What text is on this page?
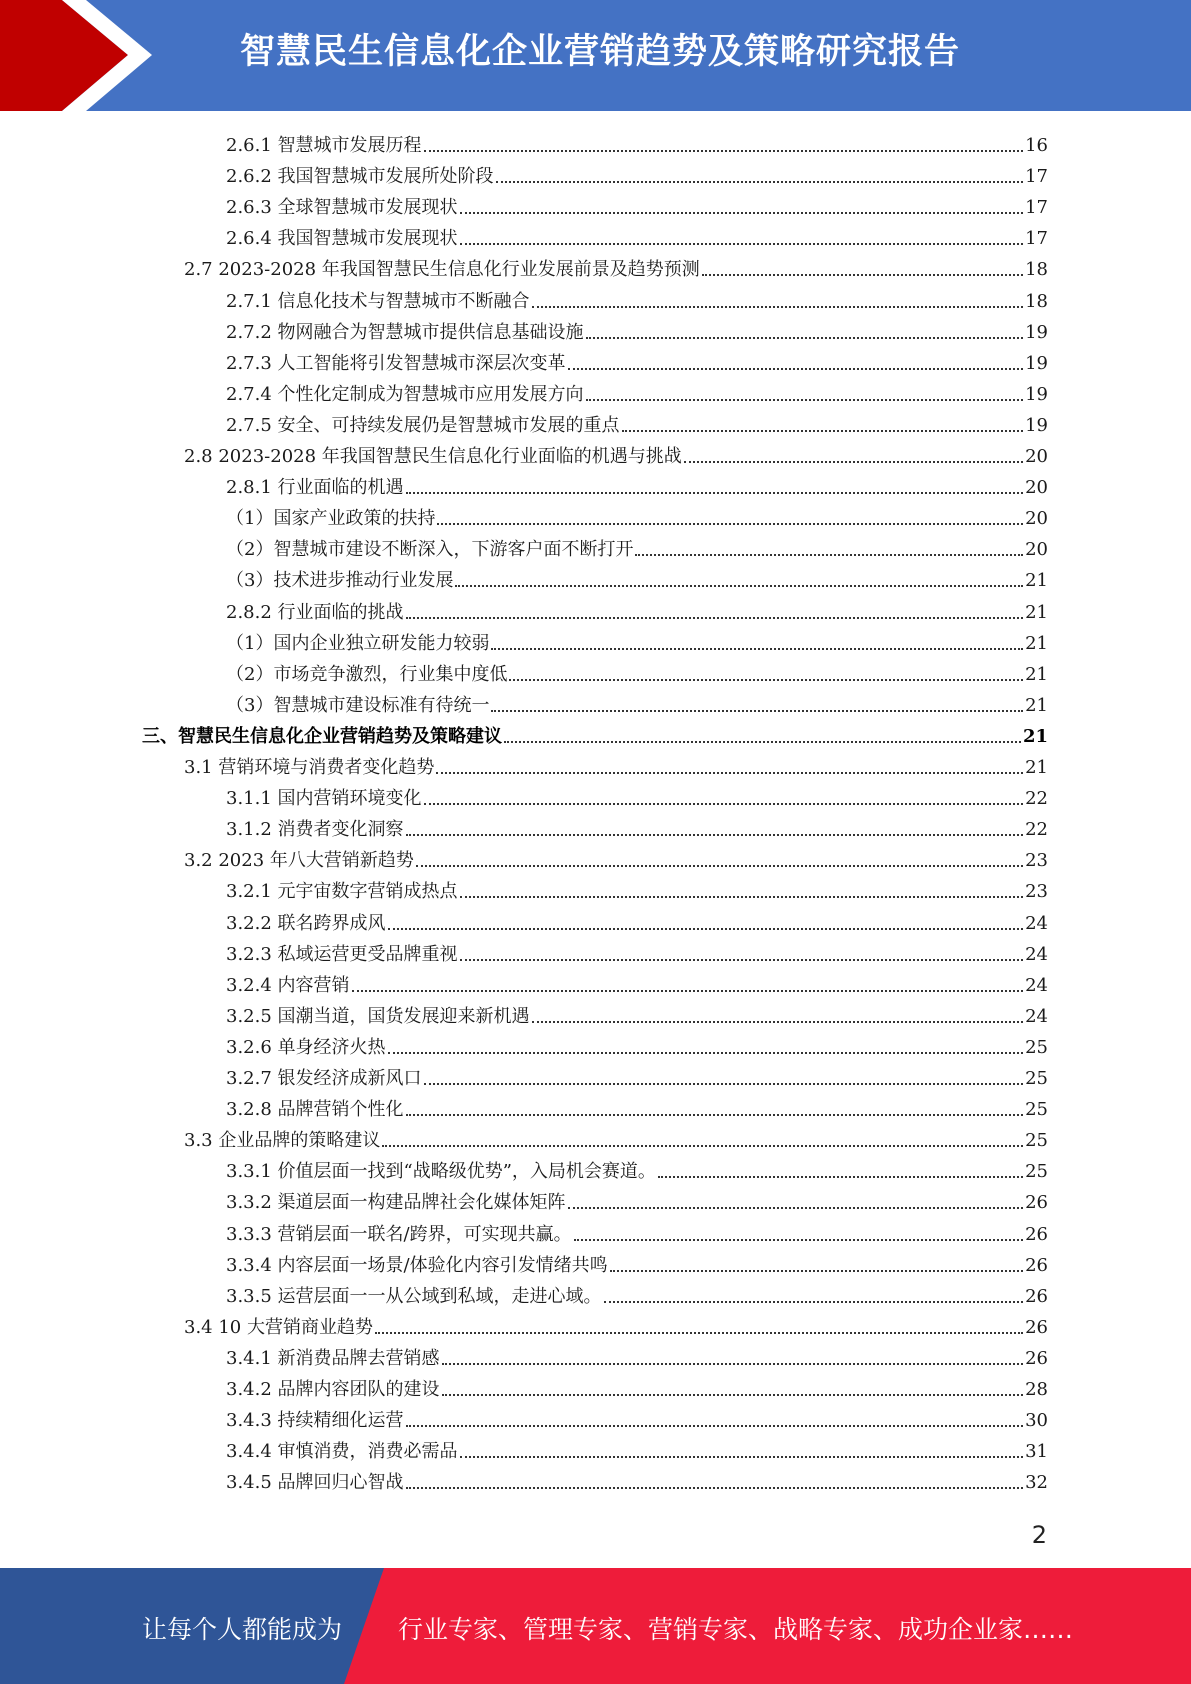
智慧民生信息化企业营销趋势及策略研究报告
2.6.1 智慧城市发展历程	16
2.6.2 我国智慧城市发展所处阶段	17
2.6.3 全球智慧城市发展现状	17
2.6.4 我国智慧城市发展现状	17
2.7 2023-2028 年我国智慧民生信息化行业发展前景及趋势预测	18
2.7.1 信息化技术与智慧城市不断融合	18
2.7.2 物网融合为智慧城市提供信息基础设施	19
2.7.3 人工智能将引发智慧城市深层次变革	19
2.7.4 个性化定制成为智慧城市应用发展方向	19
2.7.5 安全、可持续发展仍是智慧城市发展的重点	19
2.8 2023-2028 年我国智慧民生信息化行业面临的机遇与挑战	20
2.8.1 行业面临的机遇	20
（1）国家产业政策的扶持	20
（2）智慧城市建设不断深入，下游客户面不断打开	20
（3）技术进步推动行业发展	21
2.8.2 行业面临的挑战	21
（1）国内企业独立研发能力较弱	21
（2）市场竞争激烈，行业集中度低	21
（3）智慧城市建设标准有待统一	21
三、智慧民生信息化企业营销趋势及策略建议	21
3.1 营销环境与消费者变化趋势	21
3.1.1 国内营销环境变化	22
3.1.2 消费者变化洞察	22
3.2 2023 年八大营销新趋势	23
3.2.1 元宇宙数字营销成热点	23
3.2.2 联名跨界成风	24
3.2.3 私域运营更受品牌重视	24
3.2.4 内容营销	24
3.2.5 国潮当道，国货发展迎来新机遇	24
3.2.6 单身经济火热	25
3.2.7 银发经济成新风口	25
3.2.8 品牌营销个性化	25
3.3 企业品牌的策略建议	25
3.3.1 价值层面一找到“战略级优势”，入局机会赛道。	25
3.3.2 渠道层面一构建品牌社会化媒体矩阵	26
3.3.3 营销层面一联名/跨界，可实现共赢。	26
3.3.4 内容层面一场景/体验化内容引发情绪共鸣	26
3.3.5 运营层面一一从公域到私域，走进心域。	26
3.4 10 大营销商业趋势	26
3.4.1 新消费品牌去营销感	26
3.4.2 品牌内容团队的建设	28
3.4.3 持续精细化运营	30
3.4.4 审慎消费，消费必需品	31
3.4.5 品牌回归心智战	32
2
让每个人都能成为 行业专家、管理专家、营销专家、战略专家、成功企业家……
